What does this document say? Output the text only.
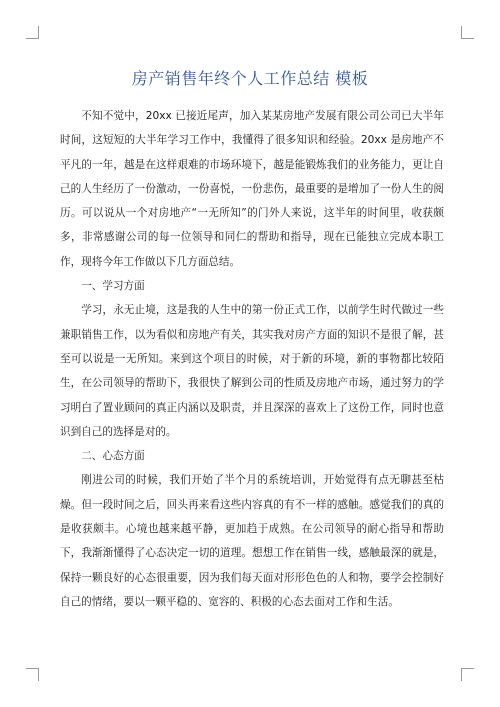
房产销售年终个人工作总结 模板

不知不觉中，20xx 已接近尾声，加入某某房地产发展有限公司公司已大半年时间，这短短的大半年学习工作中，我懂得了很多知识和经验。20xx 是房地产不平凡的一年，越是在这样艰难的市场环境下，越是能锻炼我们的业务能力，更让自己的人生经历了一份激动，一份喜悦，一份悲伤，最重要的是增加了一份人生的阅历。可以说从一个对房地产“一无所知”的门外人来说，这半年的时间里，收获颇多，非常感谢公司的每一位领导和同仁的帮助和指导，现在已能独立完成本职工作，现将今年工作做以下几方面总结。

一、学习方面

学习，永无止境，这是我的人生中的第一份正式工作，以前学生时代做过一些兼职销售工作，以为看似和房地产有关，其实我对房产方面的知识不是很了解，甚至可以说是一无所知。来到这个项目的时候，对于新的环境，新的事物都比较陌生，在公司领导的帮助下，我很快了解到公司的性质及房地产市场，通过努力的学习明白了置业顾问的真正内涵以及职责，并且深深的喜欢上了这份工作，同时也意识到自己的选择是对的。

二、心态方面

刚进公司的时候，我们开始了半个月的系统培训，开始觉得有点无聊甚至枯燥。但一段时间之后，回头再来看这些内容真的有不一样的感触。感觉我们的真的是收获颇丰。心境也越来越平静，更加趋于成熟。在公司领导的耐心指导和帮助下，我渐渐懂得了心态决定一切的道理。想想工作在销售一线，感触最深的就是，保持一颗良好的心态很重要，因为我们每天面对形形色色的人和物，要学会控制好自己的情绪，要以一颗平稳的、宽容的、积极的心态去面对工作和生活。
